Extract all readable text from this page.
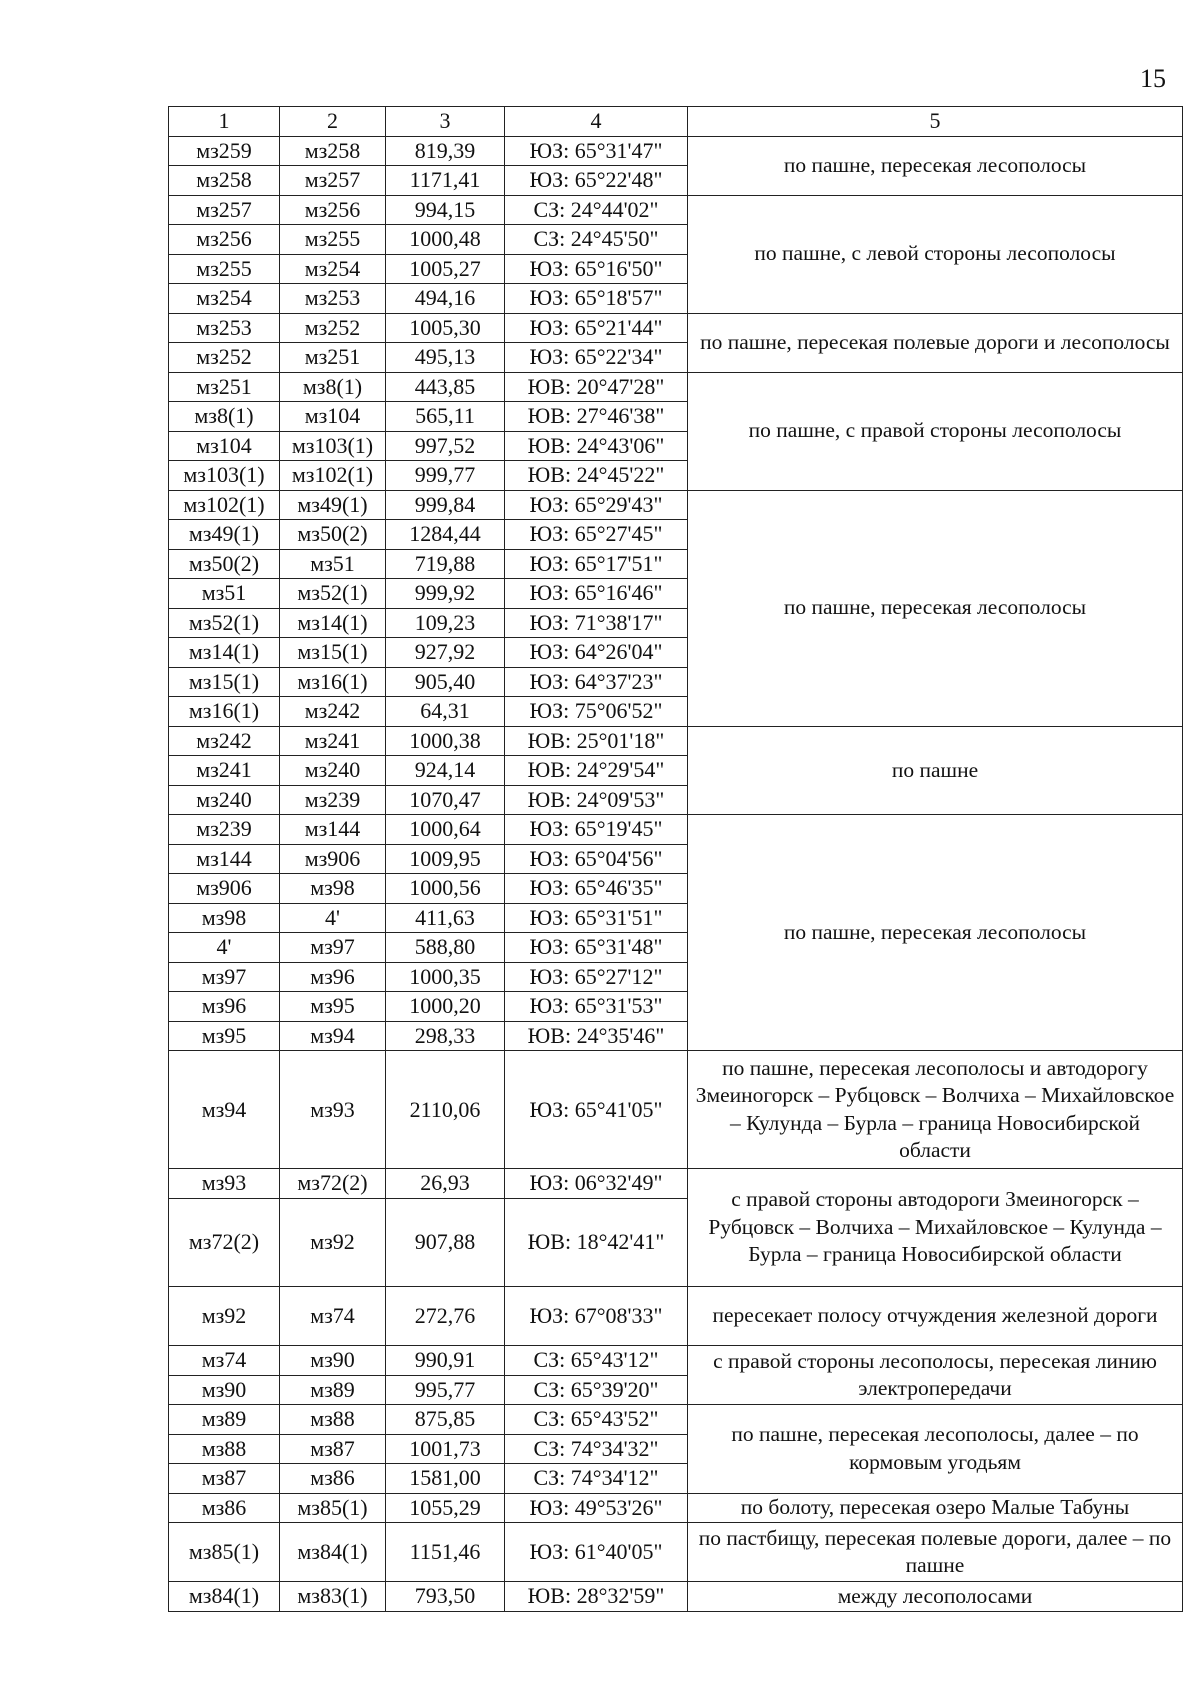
15
1	2	3	4	5
мз259	мз258	819,39	ЮЗ: 65°31'47"	по пашне, пересекая лесополосы
мз258	мз257	1171,41	ЮЗ: 65°22'48"	
мз257	мз256	994,15	СЗ: 24°44'02"	по пашне, с левой стороны лесополосы
мз256	мз255	1000,48	СЗ: 24°45'50"	
мз255	мз254	1005,27	ЮЗ: 65°16'50"	
мз254	мз253	494,16	ЮЗ: 65°18'57"	
мз253	мз252	1005,30	ЮЗ: 65°21'44"	по пашне, пересекая полевые дороги и лесополосы
мз252	мз251	495,13	ЮЗ: 65°22'34"	
мз251	мз8(1)	443,85	ЮВ: 20°47'28"	по пашне, с правой стороны лесополосы
мз8(1)	мз104	565,11	ЮВ: 27°46'38"	
мз104	мз103(1)	997,52	ЮВ: 24°43'06"	
мз103(1)	мз102(1)	999,77	ЮВ: 24°45'22"	
мз102(1)	мз49(1)	999,84	ЮЗ: 65°29'43"	по пашне, пересекая лесополосы
мз49(1)	мз50(2)	1284,44	ЮЗ: 65°27'45"	
мз50(2)	мз51	719,88	ЮЗ: 65°17'51"	
мз51	мз52(1)	999,92	ЮЗ: 65°16'46"	
мз52(1)	мз14(1)	109,23	ЮЗ: 71°38'17"	
мз14(1)	мз15(1)	927,92	ЮЗ: 64°26'04"	
мз15(1)	мз16(1)	905,40	ЮЗ: 64°37'23"	
мз16(1)	мз242	64,31	ЮЗ: 75°06'52"	
мз242	мз241	1000,38	ЮВ: 25°01'18"	по пашне
мз241	мз240	924,14	ЮВ: 24°29'54"	
мз240	мз239	1070,47	ЮВ: 24°09'53"	
мз239	мз144	1000,64	ЮЗ: 65°19'45"	по пашне, пересекая лесополосы
мз144	мз906	1009,95	ЮЗ: 65°04'56"	
мз906	мз98	1000,56	ЮЗ: 65°46'35"	
мз98	4'	411,63	ЮЗ: 65°31'51"	
4'	мз97	588,80	ЮЗ: 65°31'48"	
мз97	мз96	1000,35	ЮЗ: 65°27'12"	
мз96	мз95	1000,20	ЮЗ: 65°31'53"	
мз95	мз94	298,33	ЮВ: 24°35'46"	
мз94	мз93	2110,06	ЮЗ: 65°41'05"	по пашне, пересекая лесополосы и автодорогу Змеиногорск – Рубцовск – Волчиха – Михайловское – Кулунда – Бурла – граница Новосибирской области
мз93	мз72(2)	26,93	ЮЗ: 06°32'49"	с правой стороны автодороги Змеиногорск – Рубцовск – Волчиха – Михайловское – Кулунда – Бурла – граница Новосибирской области
мз72(2)	мз92	907,88	ЮВ: 18°42'41"	
мз92	мз74	272,76	ЮЗ: 67°08'33"	пересекает полосу отчуждения железной дороги
мз74	мз90	990,91	СЗ: 65°43'12"	с правой стороны лесополосы, пересекая линию электропередачи
мз90	мз89	995,77	СЗ: 65°39'20"	
мз89	мз88	875,85	СЗ: 65°43'52"	по пашне, пересекая лесополосы, далее – по кормовым угодьям
мз88	мз87	1001,73	СЗ: 74°34'32"	
мз87	мз86	1581,00	СЗ: 74°34'12"	
мз86	мз85(1)	1055,29	ЮЗ: 49°53'26"	по болоту, пересекая озеро Малые Табуны
мз85(1)	мз84(1)	1151,46	ЮЗ: 61°40'05"	по пастбищу, пересекая полевые дороги, далее – по пашне
мз84(1)	мз83(1)	793,50	ЮВ: 28°32'59"	между лесополосами
